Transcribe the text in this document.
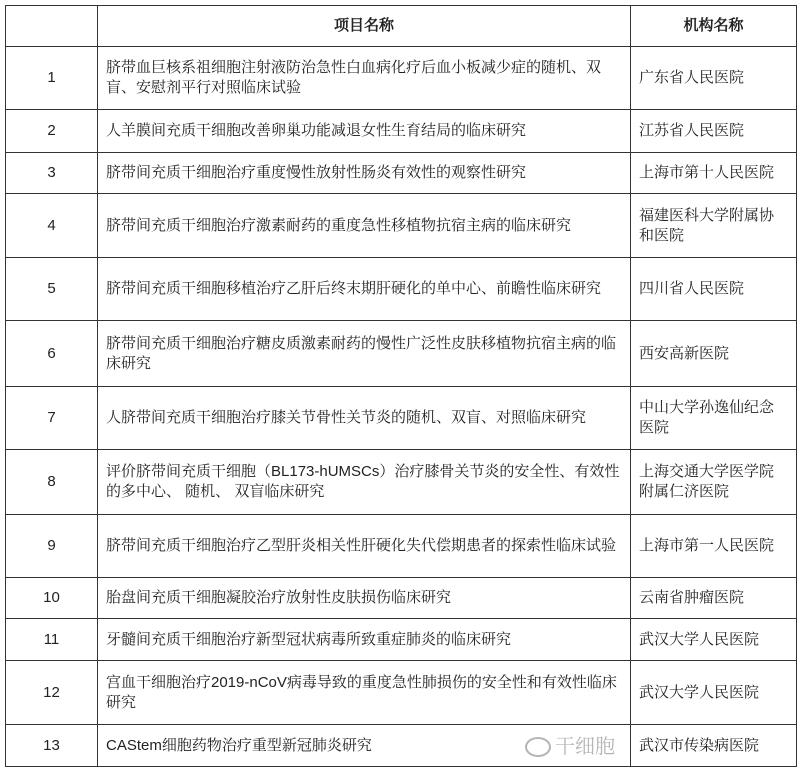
	项目名称	机构名称
1	脐带血巨核系祖细胞注射液防治急性白血病化疗后血小板减少症的随机、双盲、安慰剂平行对照临床试验	广东省人民医院
2	人羊膜间充质干细胞改善卵巢功能减退女性生育结局的临床研究	江苏省人民医院
3	脐带间充质干细胞治疗重度慢性放射性肠炎有效性的观察性研究	上海市第十人民医院
4	脐带间充质干细胞治疗激素耐药的重度急性移植物抗宿主病的临床研究	福建医科大学附属协和医院
5	脐带间充质干细胞移植治疗乙肝后终末期肝硬化的单中心、前瞻性临床研究	四川省人民医院
6	脐带间充质干细胞治疗糖皮质激素耐药的慢性广泛性皮肤移植物抗宿主病的临床研究	西安高新医院
7	人脐带间充质干细胞治疗膝关节骨性关节炎的随机、双盲、对照临床研究	中山大学孙逸仙纪念医院
8	评价脐带间充质干细胞（BL173-hUMSCs）治疗膝骨关节炎的安全性、有效性的多中心、 随机、 双盲临床研究	上海交通大学医学院附属仁济医院
9	脐带间充质干细胞治疗乙型肝炎相关性肝硬化失代偿期患者的探索性临床试验	上海市第一人民医院
10	胎盘间充质干细胞凝胶治疗放射性皮肤损伤临床研究	云南省肿瘤医院
11	牙髓间充质干细胞治疗新型冠状病毒所致重症肺炎的临床研究	武汉大学人民医院
12	宫血干细胞治疗2019-nCoV病毒导致的重度急性肺损伤的安全性和有效性临床研究	武汉大学人民医院
13	CAStem细胞药物治疗重型新冠肺炎研究	武汉市传染病医院
干细胞
